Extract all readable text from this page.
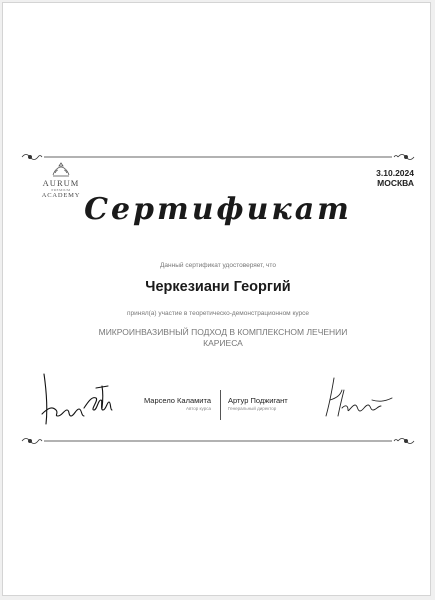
AURUM
PREMIUM
ACADEMY
3.10.2024
МОСКВА
Сертификат
Данный сертификат удостоверяет, что
Черкезиани Георгий
принял(а) участие в теоретическо-демонстрационном курсе
МИКРОИНВАЗИВНЫЙ ПОДХОД В КОМПЛЕКСНОМ ЛЕЧЕНИИ КАРИЕСА
Марсело Каламита
Автор курса
Артур Поджигант
Генеральный директор
